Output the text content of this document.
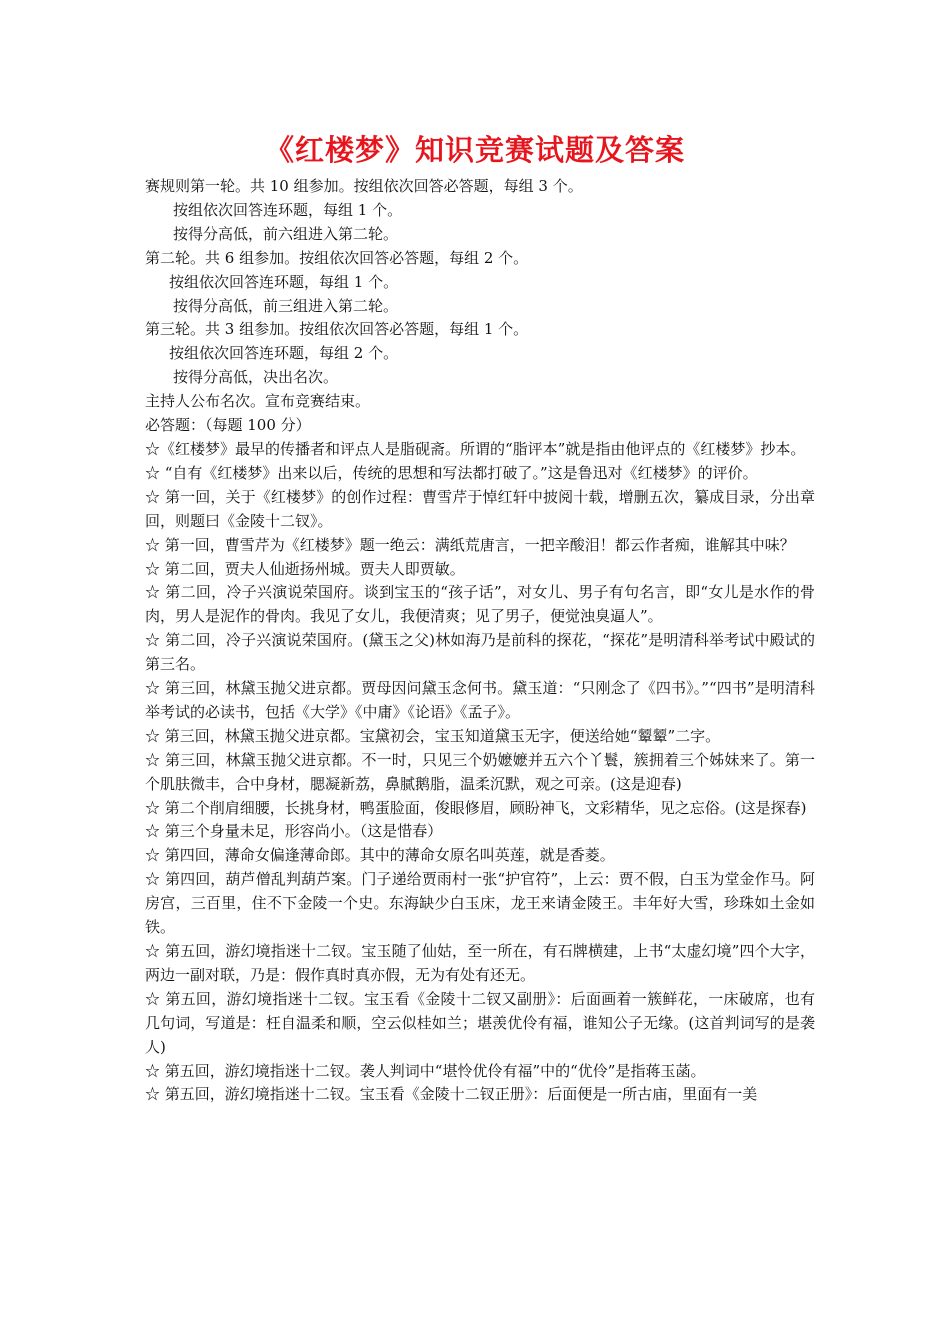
《红楼梦》知识竞赛试题及答案
赛规则第一轮。共 10 组参加。按组依次回答必答题，每组 3 个。
按组依次回答连环题，每组 1 个。
按得分高低，前六组进入第二轮。
第二轮。共 6 组参加。按组依次回答必答题，每组 2 个。
按组依次回答连环题，每组 1 个。
按得分高低，前三组进入第二轮。
第三轮。共 3 组参加。按组依次回答必答题，每组 1 个。
按组依次回答连环题，每组 2 个。
按得分高低，决出名次。
主持人公布名次。宣布竞赛结束。
必答题：（每题 100 分）
☆《红楼梦》最早的传播者和评点人是脂砚斋。所谓的“脂评本”就是指由他评点的《红楼梦》抄本。
☆ “自有《红楼梦》出来以后，传统的思想和写法都打破了。”这是鲁迅对《红楼梦》的评价。
☆ 第一回，关于《红楼梦》的创作过程：曹雪芹于悼红轩中披阅十载，增删五次，纂成目录，分出章回，则题曰《金陵十二钗》。
☆ 第一回，曹雪芹为《红楼梦》题一绝云：满纸荒唐言，一把辛酸泪！都云作者痴，谁解其中味？
☆ 第二回，贾夫人仙逝扬州城。贾夫人即贾敏。
☆ 第二回，冷子兴演说荣国府。谈到宝玉的“孩子话”，对女儿、男子有句名言，即“女儿是水作的骨肉，男人是泥作的骨肉。我见了女儿，我便清爽；见了男子，便觉浊臭逼人”。
☆ 第二回，冷子兴演说荣国府。(黛玉之父)林如海乃是前科的探花，“探花”是明清科举考试中殿试的第三名。
☆ 第三回，林黛玉抛父进京都。贾母因问黛玉念何书。黛玉道：“只刚念了《四书》。”“四书”是明清科举考试的必读书，包括《大学》《中庸》《论语》《孟子》。
☆ 第三回，林黛玉抛父进京都。宝黛初会，宝玉知道黛玉无字，便送给她“颦颦”二字。
☆ 第三回，林黛玉抛父进京都。不一时，只见三个奶嬷嬷并五六个丫鬟，簇拥着三个姊妹来了。第一个肌肤微丰，合中身材，腮凝新荔，鼻腻鹅脂，温柔沉默，观之可亲。(这是迎春)
☆ 第二个削肩细腰，长挑身材，鸭蛋脸面，俊眼修眉，顾盼神飞，文彩精华，见之忘俗。(这是探春)
☆ 第三个身量未足，形容尚小。（这是惜春）
☆ 第四回，薄命女偏逢薄命郎。其中的薄命女原名叫英莲，就是香菱。
☆ 第四回，葫芦僧乱判葫芦案。门子递给贾雨村一张“护官符”，上云：贾不假，白玉为堂金作马。阿房宫，三百里，住不下金陵一个史。东海缺少白玉床，龙王来请金陵王。丰年好大雪，珍珠如土金如铁。
☆ 第五回，游幻境指迷十二钗。宝玉随了仙姑，至一所在，有石牌横建，上书“太虚幻境”四个大字，两边一副对联，乃是：假作真时真亦假，无为有处有还无。
☆ 第五回，游幻境指迷十二钗。宝玉看《金陵十二钗又副册》：后面画着一簇鲜花，一床破席，也有几句词，写道是：枉自温柔和顺，空云似桂如兰；堪羡优伶有福，谁知公子无缘。(这首判词写的是袭人)
☆ 第五回，游幻境指迷十二钗。袭人判词中“堪怜优伶有福”中的“优伶”是指蒋玉菡。
☆ 第五回，游幻境指迷十二钗。宝玉看《金陵十二钗正册》：后面便是一所古庙，里面有一美
